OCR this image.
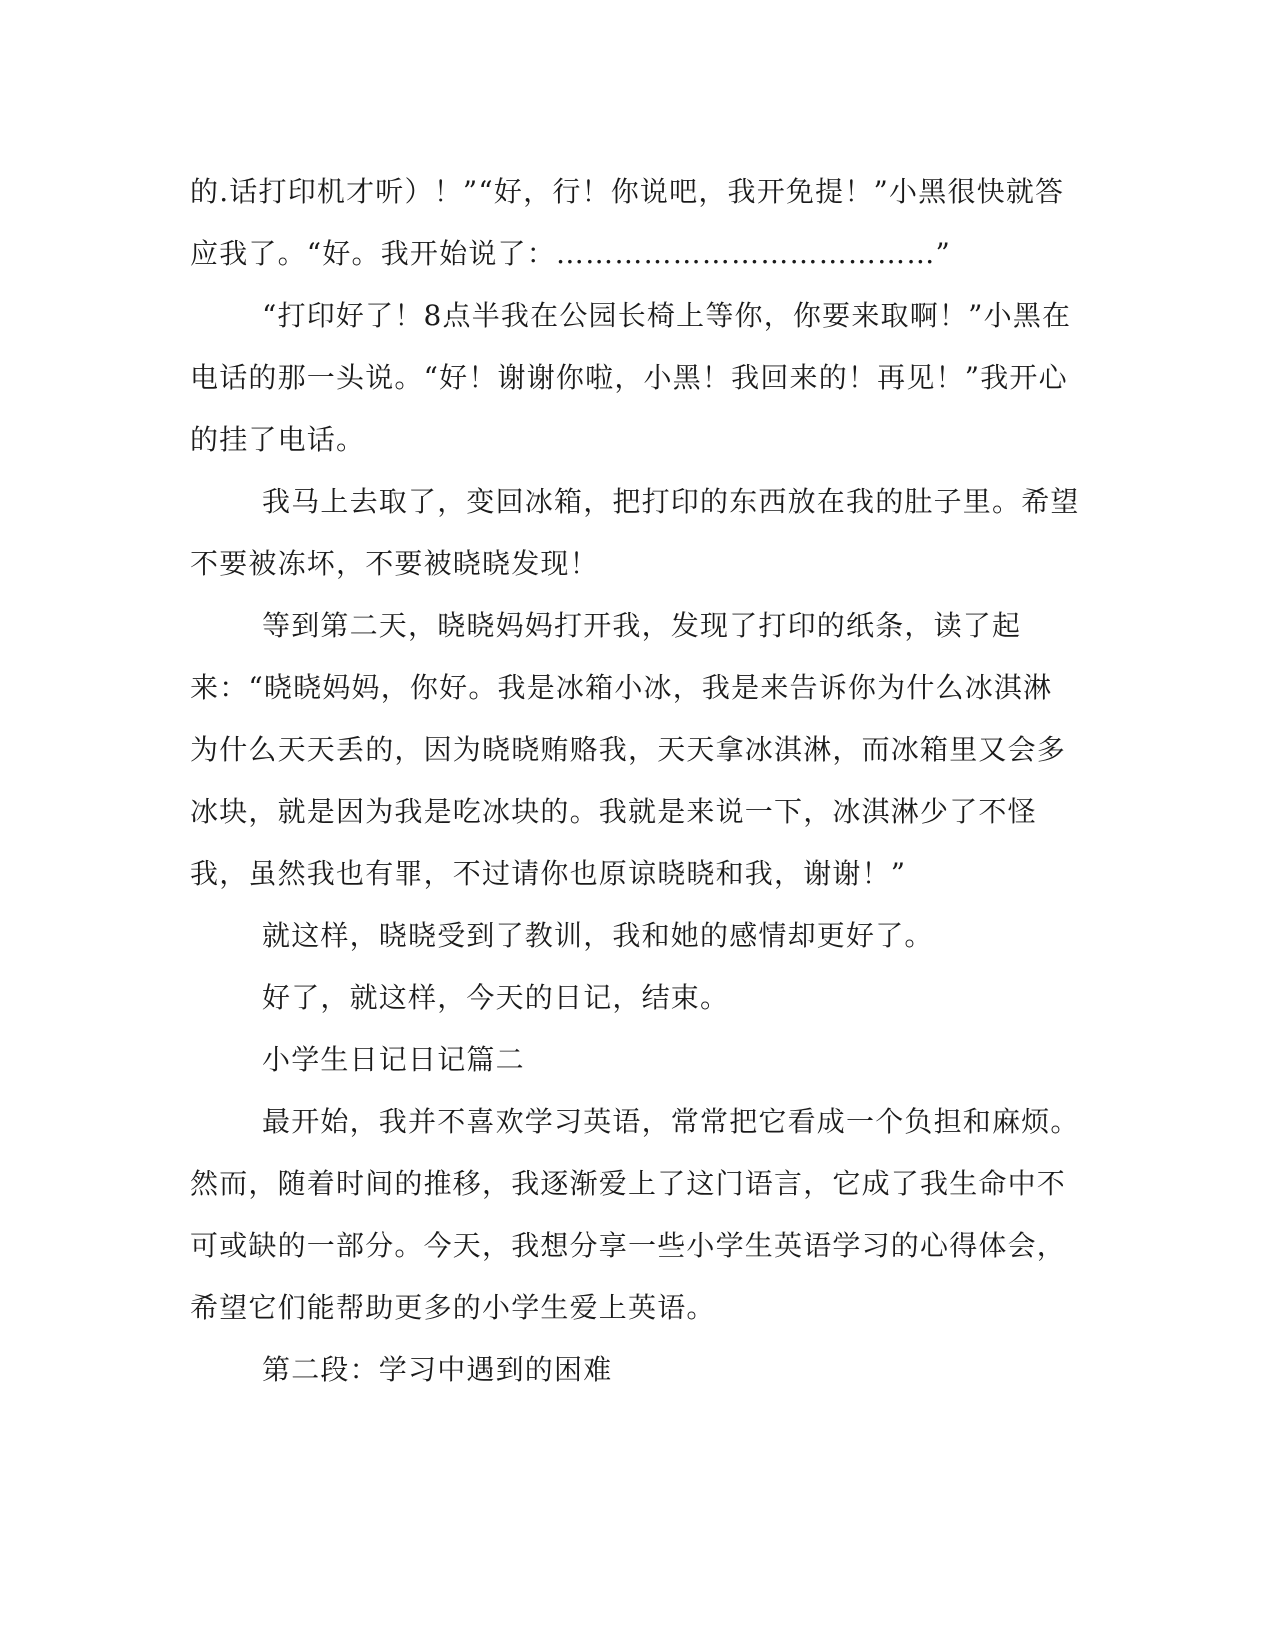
的.话打印机才听）！”“好，行！你说吧，我开免提！”小黑很快就答应我了。“好。我开始说了：…………………………………”

“打印好了！8点半我在公园长椅上等你，你要来取啊！”小黑在电话的那一头说。“好！谢谢你啦，小黑！我回来的！再见！”我开心的挂了电话。

我马上去取了，变回冰箱，把打印的东西放在我的肚子里。希望不要被冻坏，不要被晓晓发现！

等到第二天，晓晓妈妈打开我，发现了打印的纸条，读了起来：“晓晓妈妈，你好。我是冰箱小冰，我是来告诉你为什么冰淇淋为什么天天丢的，因为晓晓贿赂我，天天拿冰淇淋，而冰箱里又会多冰块，就是因为我是吃冰块的。我就是来说一下，冰淇淋少了不怪我，虽然我也有罪，不过请你也原谅晓晓和我，谢谢！”

就这样，晓晓受到了教训，我和她的感情却更好了。

好了，就这样，今天的日记，结束。

小学生日记日记篇二

最开始，我并不喜欢学习英语，常常把它看成一个负担和麻烦。然而，随着时间的推移，我逐渐爱上了这门语言，它成了我生命中不可或缺的一部分。今天，我想分享一些小学生英语学习的心得体会，希望它们能帮助更多的小学生爱上英语。

第二段：学习中遇到的困难
